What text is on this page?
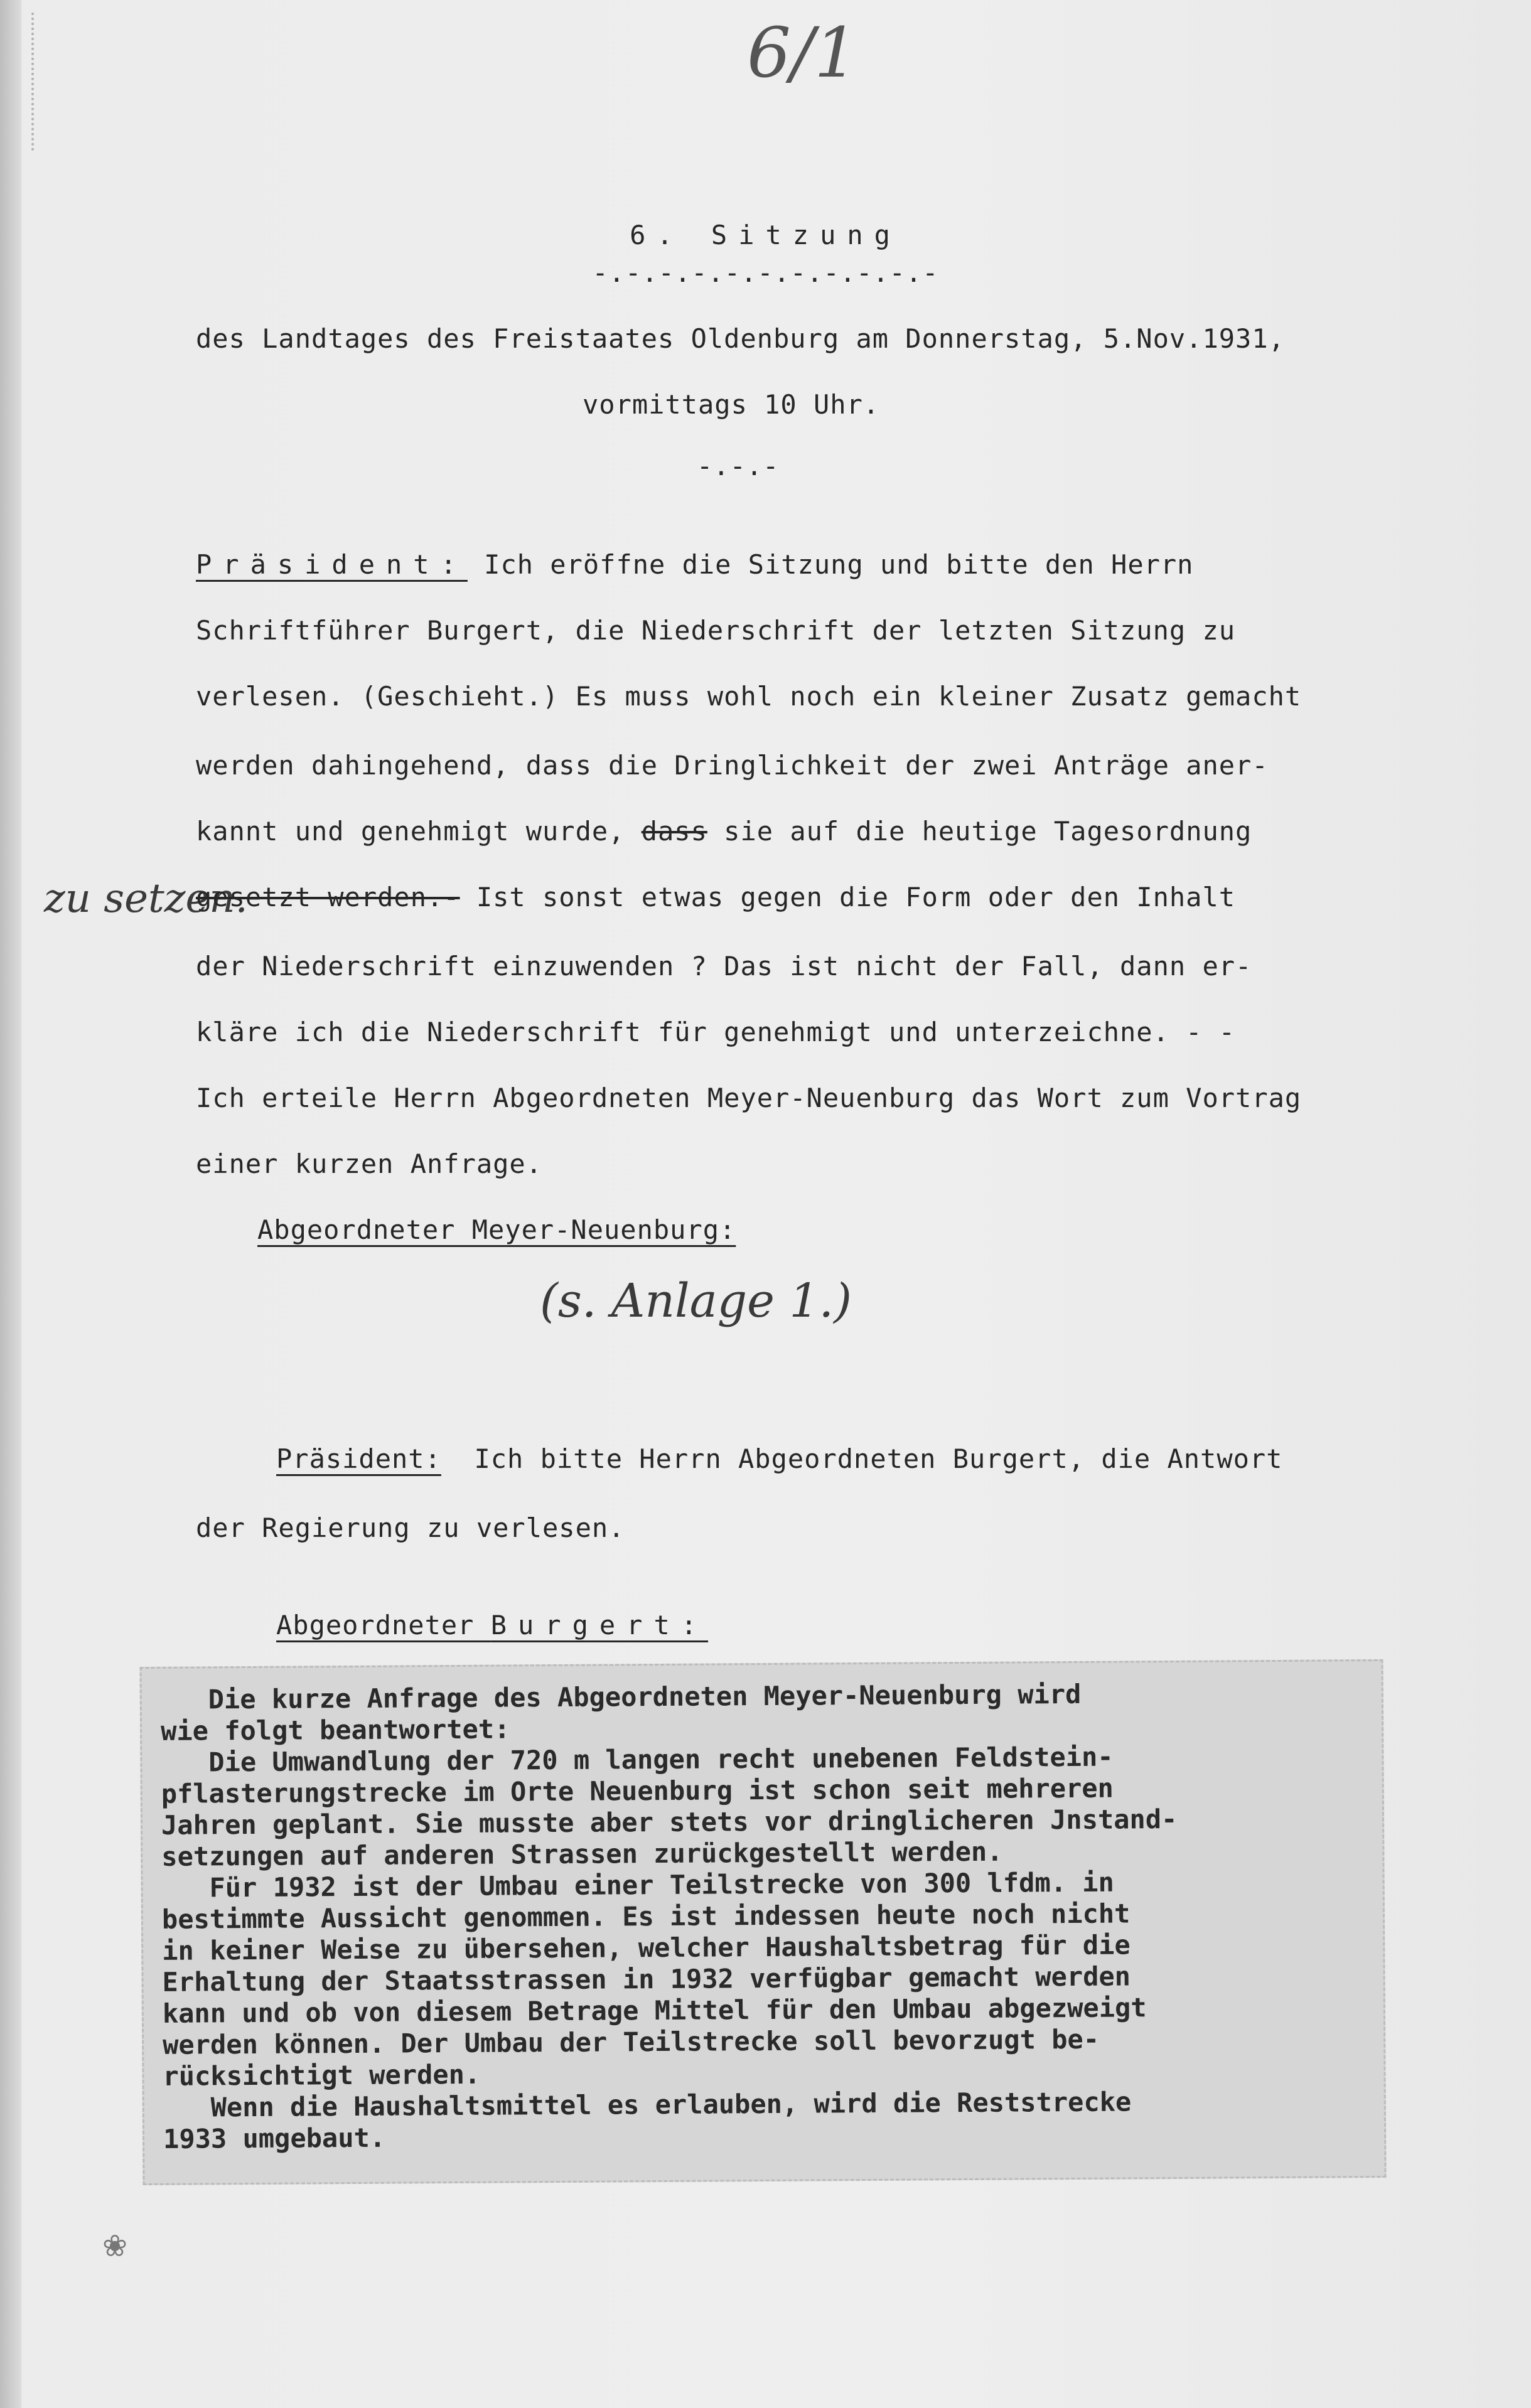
6/1
6. Sitzung
-.-.-.-.-.-.-.-.-.-.-
des Landtages des Freistaates Oldenburg am Donnerstag, 5.Nov.1931,
vormittags 10 Uhr.
-.-.-
Präsident: Ich eröffne die Sitzung und bitte den Herrn
Schriftführer Burgert, die Niederschrift der letzten Sitzung zu
verlesen. (Geschieht.) Es muss wohl noch ein kleiner Zusatz gemacht
werden dahingehend, dass die Dringlichkeit der zwei Anträge aner-
kannt und genehmigt wurde, dass sie auf die heutige Tagesordnung
zu setzen.
gesetzt werden.- Ist sonst etwas gegen die Form oder den Inhalt
der Niederschrift einzuwenden ? Das ist nicht der Fall, dann er-
kläre ich die Niederschrift für genehmigt und unterzeichne. - -
Ich erteile Herrn Abgeordneten Meyer-Neuenburg das Wort zum Vortrag
einer kurzen Anfrage.
Abgeordneter Meyer-Neuenburg:
(s. Anlage 1.)
Präsident:  Ich bitte Herrn Abgeordneten Burgert, die Antwort
der Regierung zu verlesen.
Abgeordneter Burgert:
Die kurze Anfrage des Abgeordneten Meyer-Neuenburg wird
wie folgt beantwortet:
Die Umwandlung der 720 m langen recht unebenen Feldstein-
pflasterungstrecke im Orte Neuenburg ist schon seit mehreren
Jahren geplant. Sie musste aber stets vor dringlicheren Jnstand-
setzungen auf anderen Strassen zurückgestellt werden.
Für 1932 ist der Umbau einer Teilstrecke von 300 lfdm. in
bestimmte Aussicht genommen. Es ist indessen heute noch nicht
in keiner Weise zu übersehen, welcher Haushaltsbetrag für die
Erhaltung der Staatsstrassen in 1932 verfügbar gemacht werden
kann und ob von diesem Betrage Mittel für den Umbau abgezweigt
werden können. Der Umbau der Teilstrecke soll bevorzugt be-
rücksichtigt werden.
Wenn die Haushaltsmittel es erlauben, wird die Reststrecke
1933 umgebaut.
❀
